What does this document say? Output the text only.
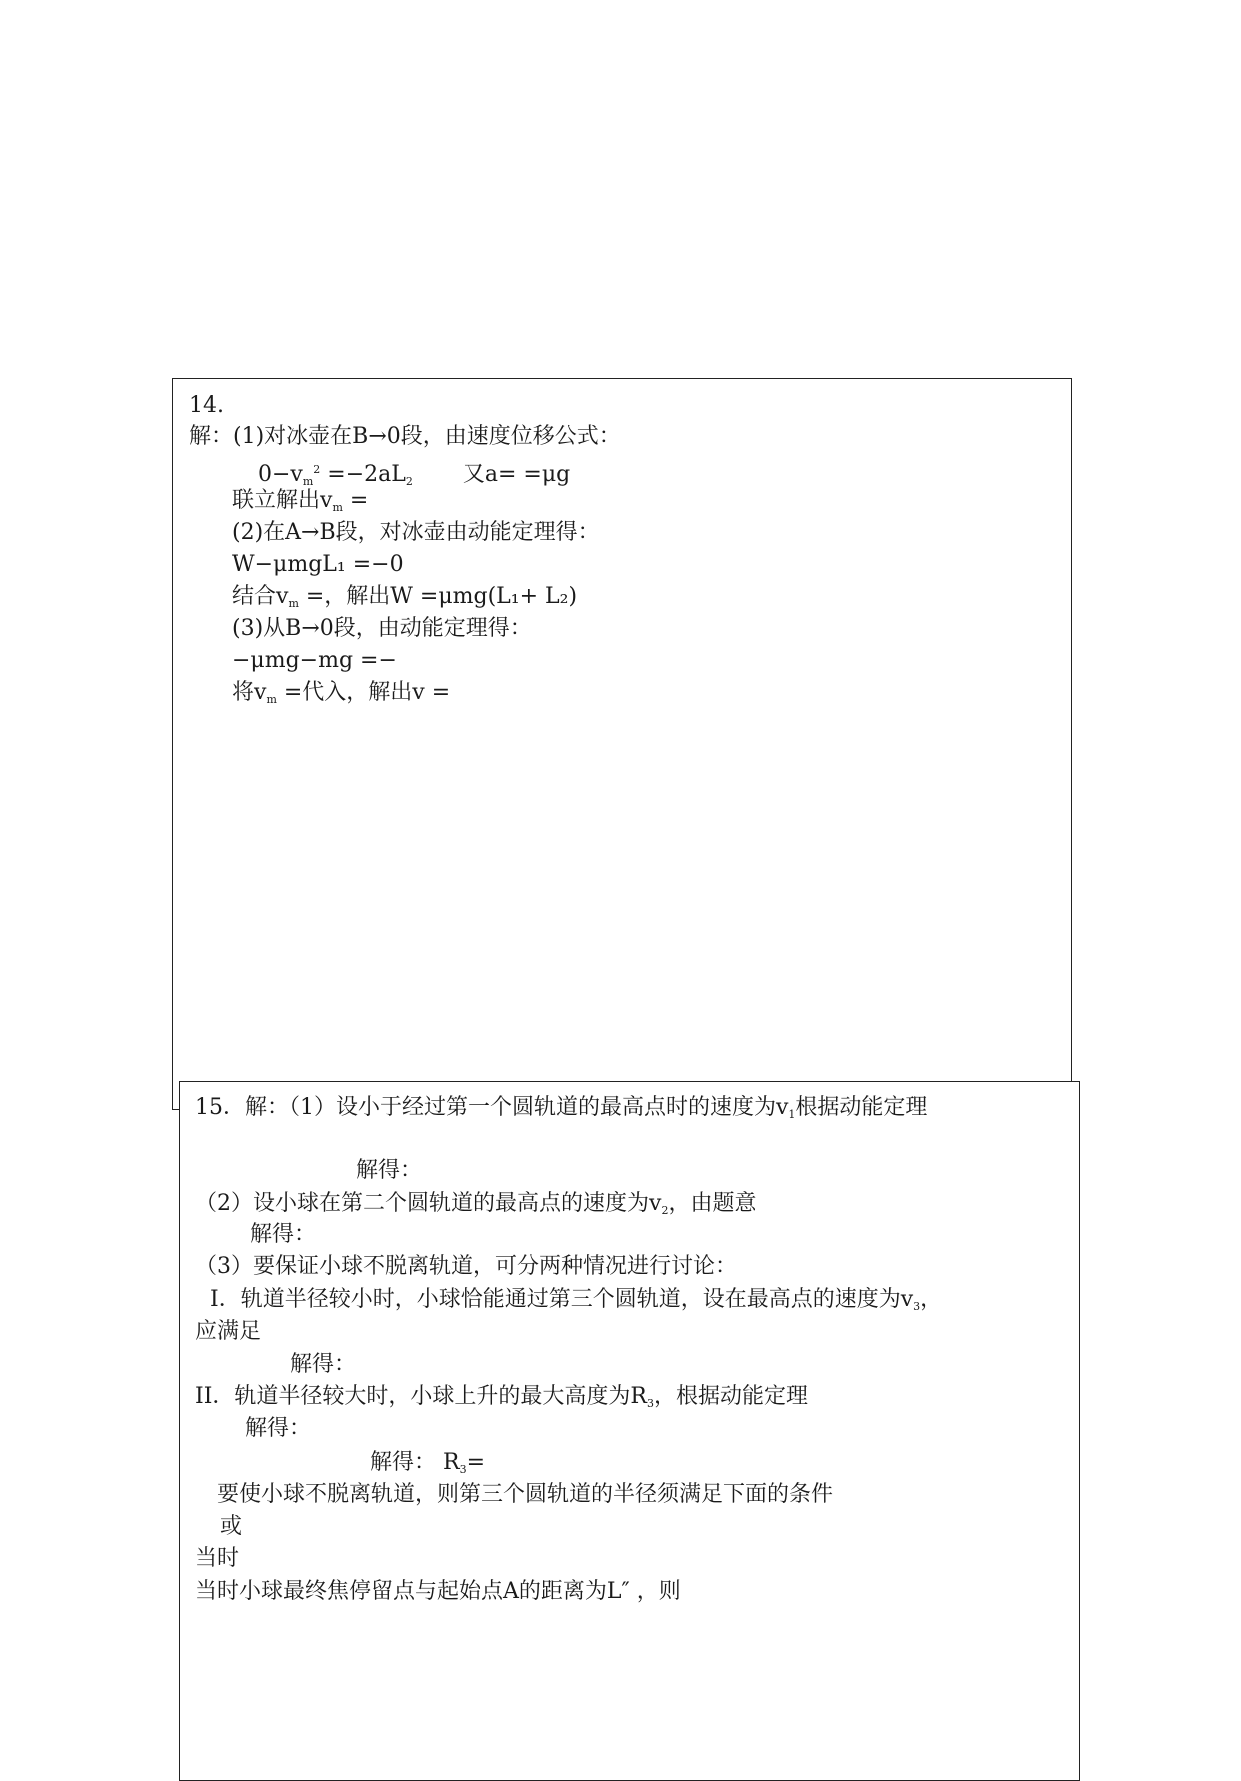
14.
解：(1)对冰壶在B→0段，由速度位移公式：
$0-v_m^2 =-2aL_2$ 又a= =μg
联立解出$v_m$ =
(2)在A→B段，对冰壶由动能定理得：
W−μmgL₁ =−0
结合$v_m$ =，解出W =μmg(L₁+ L₂)
(3)从B→0段，由动能定理得：
−μmg−mg =−
将$v_m$ =代入，解出v =
15．解：（1）设小于经过第一个圆轨道的最高点时的速度为$v_1$根据动能定理
解得：
（2）设小球在第二个圆轨道的最高点的速度为$v_2$，由题意
解得：
（3）要保证小球不脱离轨道，可分两种情况进行讨论：
I．轨道半径较小时，小球恰能通过第三个圆轨道，设在最高点的速度为$v_3$，
应满足
解得：
II．轨道半径较大时，小球上升的最大高度为$R_3$，根据动能定理
解得：
解得： $R_3=$
要使小球不脱离轨道，则第三个圆轨道的半径须满足下面的条件
或
当时
当时小球最终焦停留点与起始点A的距离为L″ ，则
